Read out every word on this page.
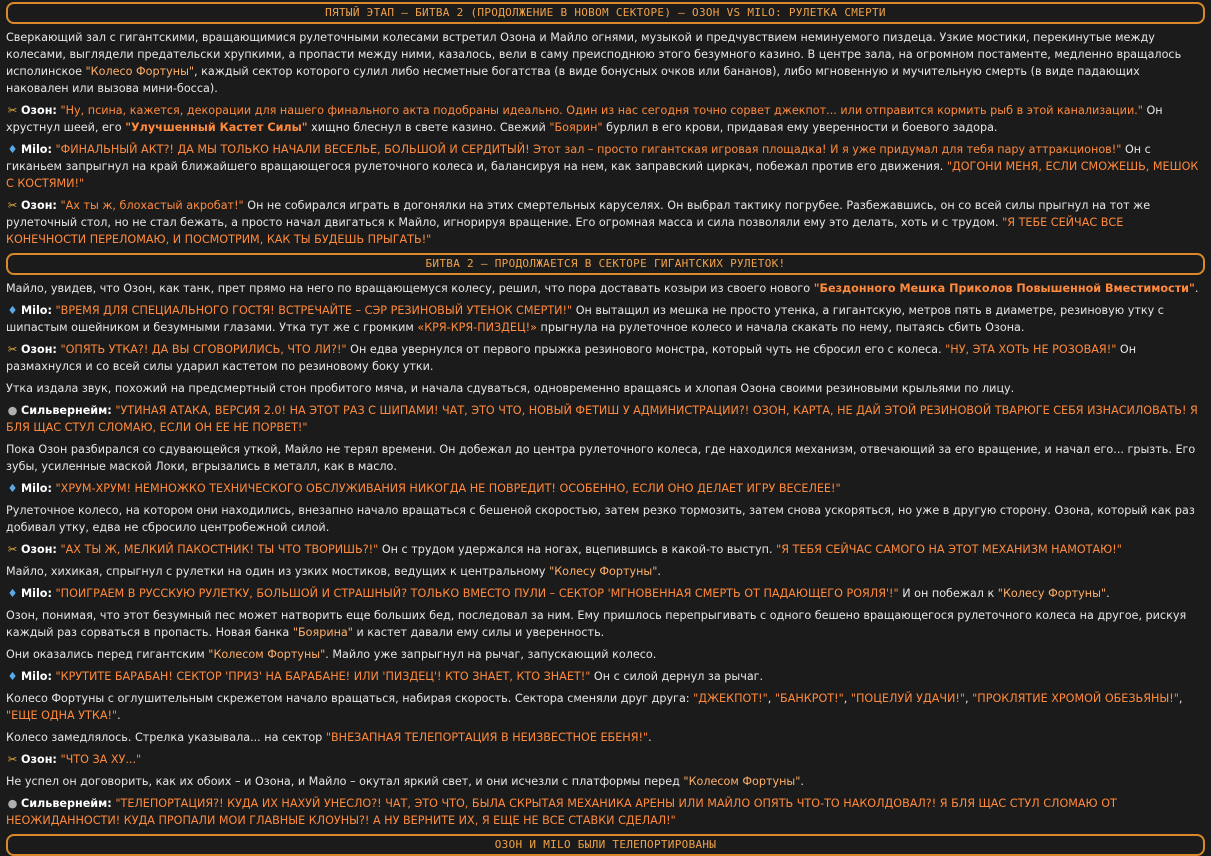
ПЯТЫЙ ЭТАП – БИТВА 2 (ПРОДОЛЖЕНИЕ В НОВОМ СЕКТОРЕ) – ОЗОН VS MILO: РУЛЕТКА СМЕРТИ

Сверкающий зал с гигантскими, вращающимися рулеточными колесами встретил Озона и Майло огнями, музыкой и предчувствием неминуемого пиздеца. Узкие мостики, перекинутые между колесами, выглядели предательски хрупкими, а пропасти между ними, казалось, вели в саму преисподнюю этого безумного казино. В центре зала, на огромном постаменте, медленно вращалось исполинское "Колесо Фортуны", каждый сектор которого сулил либо несметные богатства (в виде бонусных очков или бананов), либо мгновенную и мучительную смерть (в виде падающих наковален или вызова мини-босса).

✂ Озон: "Ну, псина, кажется, декорации для нашего финального акта подобраны идеально. Один из нас сегодня точно сорвет джекпот... или отправится кормить рыб в этой канализации." Он хрустнул шеей, его "Улучшенный Кастет Силы" хищно блеснул в свете казино. Свежий "Боярин" бурлил в его крови, придавая ему уверенности и боевого задора.

♦ Milo: "ФИНАЛЬНЫЙ АКТ?! ДА МЫ ТОЛЬКО НАЧАЛИ ВЕСЕЛЬЕ, БОЛЬШОЙ И СЕРДИТЫЙ! Этот зал – просто гигантская игровая площадка! И я уже придумал для тебя пару аттракционов!" Он с гиканьем запрыгнул на край ближайшего вращающегося рулеточного колеса и, балансируя на нем, как заправский циркач, побежал против его движения. "ДОГОНИ МЕНЯ, ЕСЛИ СМОЖЕШЬ, МЕШОК С КОСТЯМИ!"

✂ Озон: "Ах ты ж, блохастый акробат!" Он не собирался играть в догонялки на этих смертельных каруселях. Он выбрал тактику погрубее. Разбежавшись, он со всей силы прыгнул на тот же рулеточный стол, но не стал бежать, а просто начал двигаться к Майло, игнорируя вращение. Его огромная масса и сила позволяли ему это делать, хоть и с трудом. "Я ТЕБЕ СЕЙЧАС ВСЕ КОНЕЧНОСТИ ПЕРЕЛОМАЮ, И ПОСМОТРИМ, КАК ТЫ БУДЕШЬ ПРЫГАТЬ!"

БИТВА 2 – ПРОДОЛЖАЕТСЯ В СЕКТОРЕ ГИГАНТСКИХ РУЛЕТОК!

Майло, увидев, что Озон, как танк, прет прямо на него по вращающемуся колесу, решил, что пора доставать козыри из своего нового "Бездонного Мешка Приколов Повышенной Вместимости".

♦ Milo: "ВРЕМЯ ДЛЯ СПЕЦИАЛЬНОГО ГОСТЯ! ВСТРЕЧАЙТЕ – СЭР РЕЗИНОВЫЙ УТЕНОК СМЕРТИ!" Он вытащил из мешка не просто утенка, а гигантскую, метров пять в диаметре, резиновую утку с шипастым ошейником и безумными глазами. Утка тут же с громким «КРЯ-КРЯ-ПИЗДЕЦ!» прыгнула на рулеточное колесо и начала скакать по нему, пытаясь сбить Озона.

✂ Озон: "ОПЯТЬ УТКА?! ДА ВЫ СГОВОРИЛИСЬ, ЧТО ЛИ?!" Он едва увернулся от первого прыжка резинового монстра, который чуть не сбросил его с колеса. "НУ, ЭТА ХОТЬ НЕ РОЗОВАЯ!" Он размахнулся и со всей силы ударил кастетом по резиновому боку утки.

Утка издала звук, похожий на предсмертный стон пробитого мяча, и начала сдуваться, одновременно вращаясь и хлопая Озона своими резиновыми крыльями по лицу.

● Сильвернейм: "УТИНАЯ АТАКА, ВЕРСИЯ 2.0! НА ЭТОТ РАЗ С ШИПАМИ! ЧАТ, ЭТО ЧТО, НОВЫЙ ФЕТИШ У АДМИНИСТРАЦИИ?! ОЗОН, КАРТА, НЕ ДАЙ ЭТОЙ РЕЗИНОВОЙ ТВАРЮГЕ СЕБЯ ИЗНАСИЛОВАТЬ! Я БЛЯ ЩАС СТУЛ СЛОМАЮ, ЕСЛИ ОН ЕЕ НЕ ПОРВЕТ!"

Пока Озон разбирался со сдувающейся уткой, Майло не терял времени. Он добежал до центра рулеточного колеса, где находился механизм, отвечающий за его вращение, и начал его... грызть. Его зубы, усиленные маской Локи, вгрызались в металл, как в масло.

♦ Milo: "ХРУМ-ХРУМ! НЕМНОЖКО ТЕХНИЧЕСКОГО ОБСЛУЖИВАНИЯ НИКОГДА НЕ ПОВРЕДИТ! ОСОБЕННО, ЕСЛИ ОНО ДЕЛАЕТ ИГРУ ВЕСЕЛЕЕ!"

Рулеточное колесо, на котором они находились, внезапно начало вращаться с бешеной скоростью, затем резко тормозить, затем снова ускоряться, но уже в другую сторону. Озона, который как раз добивал утку, едва не сбросило центробежной силой.

✂ Озон: "АХ ТЫ Ж, МЕЛКИЙ ПАКОСТНИК! ТЫ ЧТО ТВОРИШЬ?!" Он с трудом удержался на ногах, вцепившись в какой-то выступ. "Я ТЕБЯ СЕЙЧАС САМОГО НА ЭТОТ МЕХАНИЗМ НАМОТАЮ!"

Майло, хихикая, спрыгнул с рулетки на один из узких мостиков, ведущих к центральному "Колесу Фортуны".

♦ Milo: "ПОИГРАЕМ В РУССКУЮ РУЛЕТКУ, БОЛЬШОЙ И СТРАШНЫЙ? ТОЛЬКО ВМЕСТО ПУЛИ – СЕКТОР 'МГНОВЕННАЯ СМЕРТЬ ОТ ПАДАЮЩЕГО РОЯЛЯ'!" И он побежал к "Колесу Фортуны".

Озон, понимая, что этот безумный пес может натворить еще больших бед, последовал за ним. Ему пришлось перепрыгивать с одного бешено вращающегося рулеточного колеса на другое, рискуя каждый раз сорваться в пропасть. Новая банка "Боярина" и кастет давали ему силы и уверенность.

Они оказались перед гигантским "Колесом Фортуны". Майло уже запрыгнул на рычаг, запускающий колесо.

♦ Milo: "КРУТИТЕ БАРАБАН! СЕКТОР 'ПРИЗ' НА БАРАБАНЕ! ИЛИ 'ПИЗДЕЦ'! КТО ЗНАЕТ, КТО ЗНАЕТ!" Он с силой дернул за рычаг.

Колесо Фортуны с оглушительным скрежетом начало вращаться, набирая скорость. Сектора сменяли друг друга: "ДЖЕКПОТ!", "БАНКРОТ!", "ПОЦЕЛУЙ УДАЧИ!", "ПРОКЛЯТИЕ ХРОМОЙ ОБЕЗЬЯНЫ!", "ЕЩЕ ОДНА УТКА!".

Колесо замедлялось. Стрелка указывала... на сектор "ВНЕЗАПНАЯ ТЕЛЕПОРТАЦИЯ В НЕИЗВЕСТНОЕ ЕБЕНЯ!".

✂ Озон: "ЧТО ЗА ХУ..."

Не успел он договорить, как их обоих – и Озона, и Майло – окутал яркий свет, и они исчезли с платформы перед "Колесом Фортуны".

● Сильвернейм: "ТЕЛЕПОРТАЦИЯ?! КУДА ИХ НАХУЙ УНЕСЛО?! ЧАТ, ЭТО ЧТО, БЫЛА СКРЫТАЯ МЕХАНИКА АРЕНЫ ИЛИ МАЙЛО ОПЯТЬ ЧТО-ТО НАКОЛДОВАЛ?! Я БЛЯ ЩАС СТУЛ СЛОМАЮ ОТ НЕОЖИДАННОСТИ! КУДА ПРОПАЛИ МОИ ГЛАВНЫЕ КЛОУНЫ?! А НУ ВЕРНИТЕ ИХ, Я ЕЩЕ НЕ ВСЕ СТАВКИ СДЕЛАЛ!"

ОЗОН И MILO БЫЛИ ТЕЛЕПОРТИРОВАНЫ
